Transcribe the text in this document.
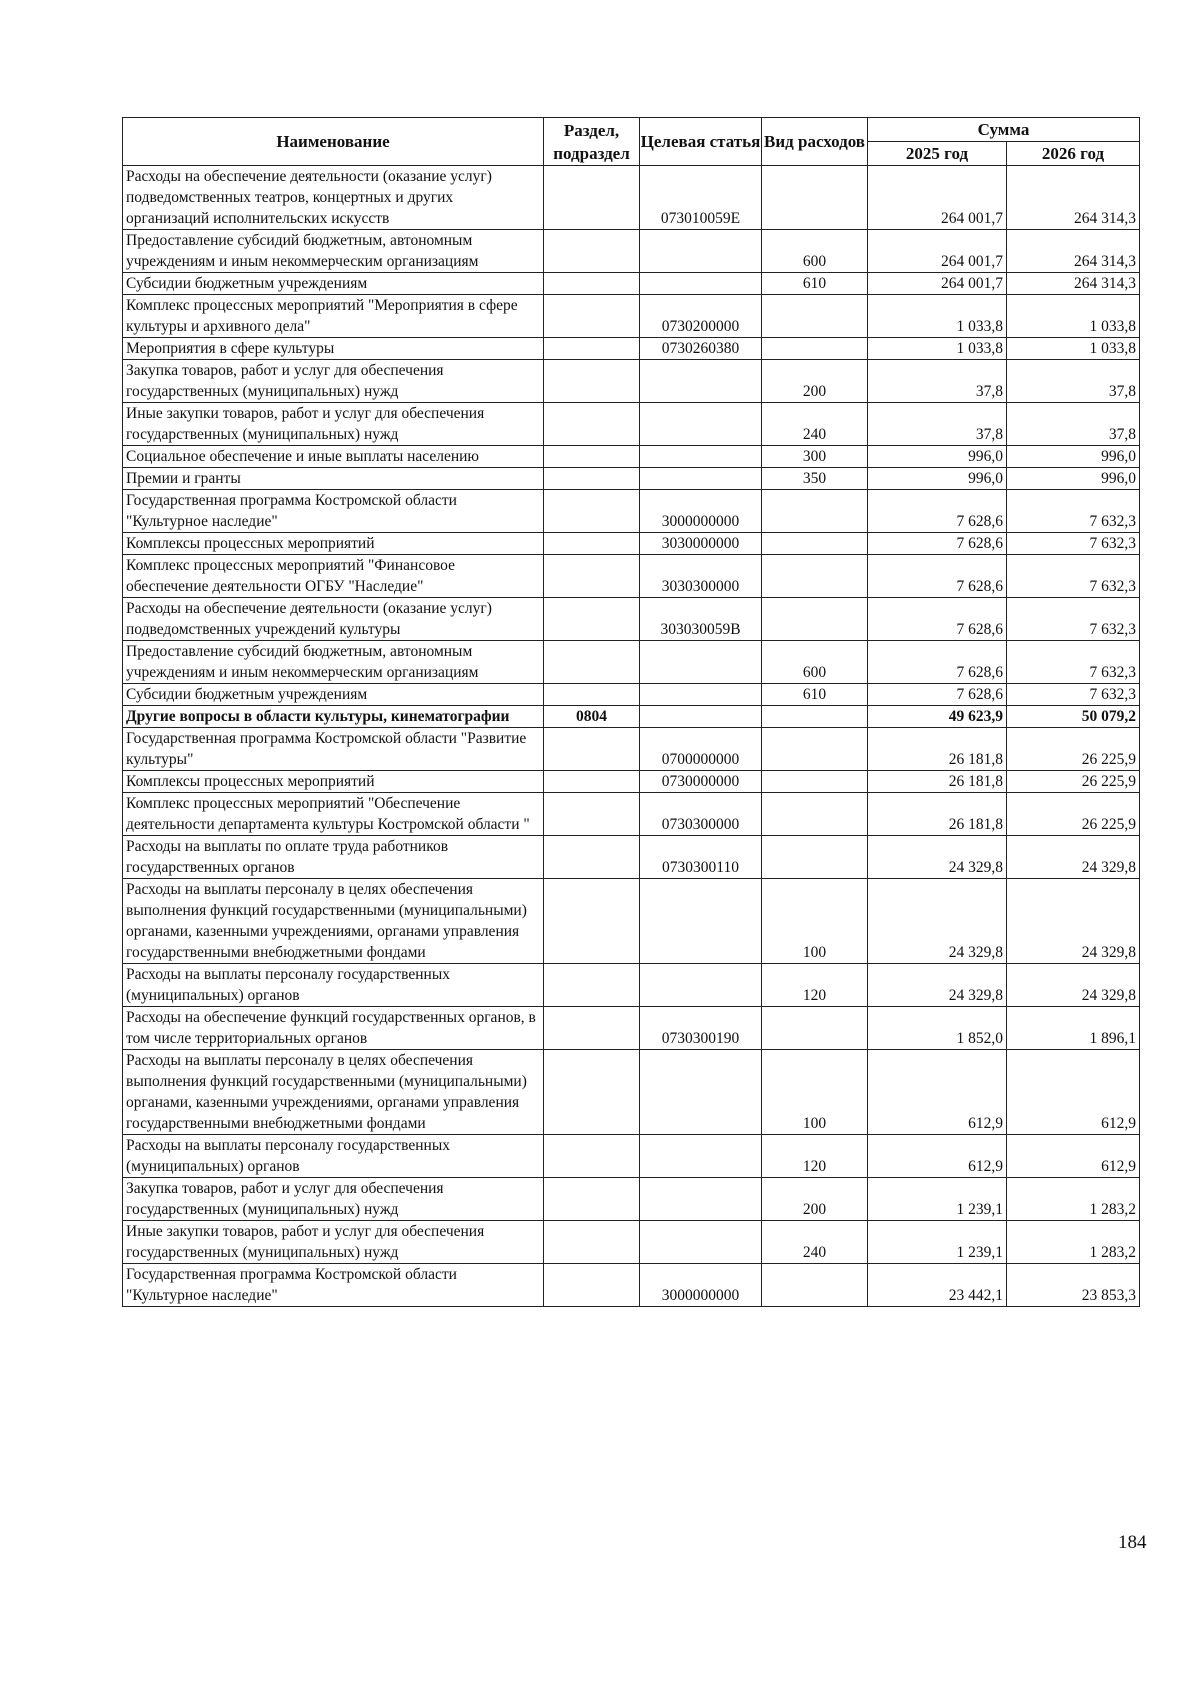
Наименование	Раздел, подраздел	Целевая статья	Вид расходов	Сумма	
				2025 год	2026 год
Расходы на обеспечение деятельности (оказание услуг) подведомственных театров, концертных и других организаций исполнительских искусств		073010059Е		264 001,7	264 314,3
Предоставление субсидий бюджетным, автономным учреждениям и иным некоммерческим организациям			600	264 001,7	264 314,3
Субсидии бюджетным учреждениям			610	264 001,7	264 314,3
Комплекс процессных мероприятий "Мероприятия в сфере культуры и архивного дела"		0730200000		1 033,8	1 033,8
Мероприятия в сфере культуры		0730260380		1 033,8	1 033,8
Закупка товаров, работ и услуг для обеспечения государственных (муниципальных) нужд			200	37,8	37,8
Иные закупки товаров, работ и услуг для обеспечения государственных (муниципальных) нужд			240	37,8	37,8
Социальное обеспечение и иные выплаты населению			300	996,0	996,0
Премии и гранты			350	996,0	996,0
Государственная программа Костромской области "Культурное наследие"		3000000000		7 628,6	7 632,3
Комплексы процессных мероприятий		3030000000		7 628,6	7 632,3
Комплекс процессных мероприятий "Финансовое обеспечение деятельности ОГБУ "Наследие"		3030300000		7 628,6	7 632,3
Расходы на обеспечение деятельности (оказание услуг) подведомственных учреждений культуры		303030059В		7 628,6	7 632,3
Предоставление субсидий бюджетным, автономным учреждениям и иным некоммерческим организациям			600	7 628,6	7 632,3
Субсидии бюджетным учреждениям			610	7 628,6	7 632,3
Другие вопросы в области культуры, кинематографии	0804			49 623,9	50 079,2
Государственная программа Костромской области "Развитие культуры"		0700000000		26 181,8	26 225,9
Комплексы процессных мероприятий		0730000000		26 181,8	26 225,9
Комплекс процессных мероприятий "Обеспечение деятельности департамента культуры Костромской области "		0730300000		26 181,8	26 225,9
Расходы на выплаты по оплате труда работников государственных органов		0730300110		24 329,8	24 329,8
Расходы на выплаты персоналу в целях обеспечения выполнения функций государственными (муниципальными) органами, казенными учреждениями, органами управления государственными внебюджетными фондами			100	24 329,8	24 329,8
Расходы на выплаты персоналу государственных (муниципальных) органов			120	24 329,8	24 329,8
Расходы на обеспечение функций государственных органов, в том числе территориальных органов		0730300190		1 852,0	1 896,1
Расходы на выплаты персоналу в целях обеспечения выполнения функций государственными (муниципальными) органами, казенными учреждениями, органами управления государственными внебюджетными фондами			100	612,9	612,9
Расходы на выплаты персоналу государственных (муниципальных) органов			120	612,9	612,9
Закупка товаров, работ и услуг для обеспечения государственных (муниципальных) нужд			200	1 239,1	1 283,2
Иные закупки товаров, работ и услуг для обеспечения государственных (муниципальных) нужд			240	1 239,1	1 283,2
Государственная программа Костромской области "Культурное наследие"		3000000000		23 442,1	23 853,3
184
